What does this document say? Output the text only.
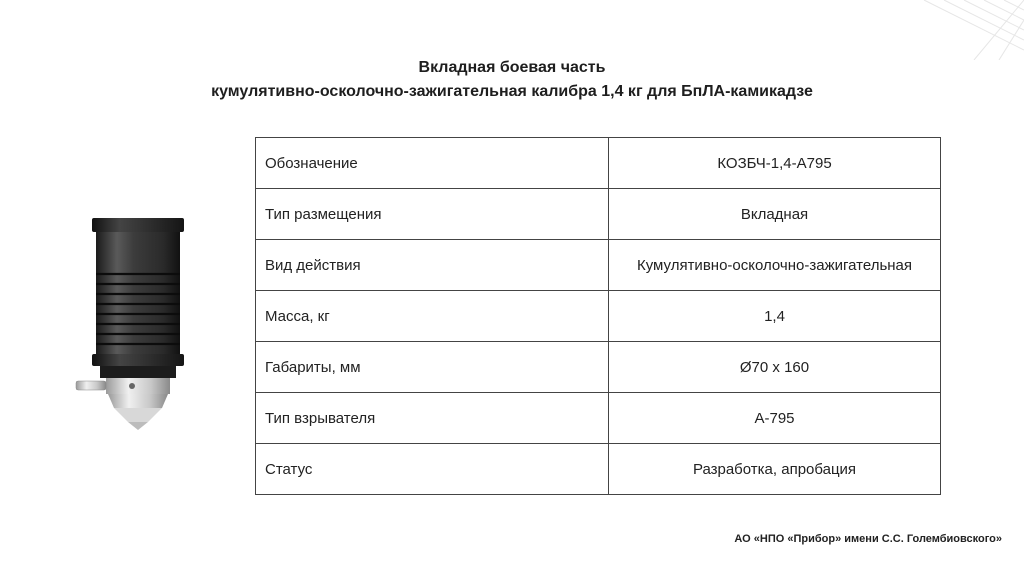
Вкладная боевая часть
кумулятивно-осколочно-зажигательная калибра 1,4 кг для БпЛА-камикадзе
Обозначение	КОЗБЧ-1,4-А795
Тип размещения	Вкладная
Вид действия	Кумулятивно-осколочно-зажигательная
Масса, кг	1,4
Габариты, мм	Ø70 х 160
Тип взрывателя	А-795
Статус	Разработка, апробация
АО «НПО «Прибор» имени С.С. Голембиовского»
